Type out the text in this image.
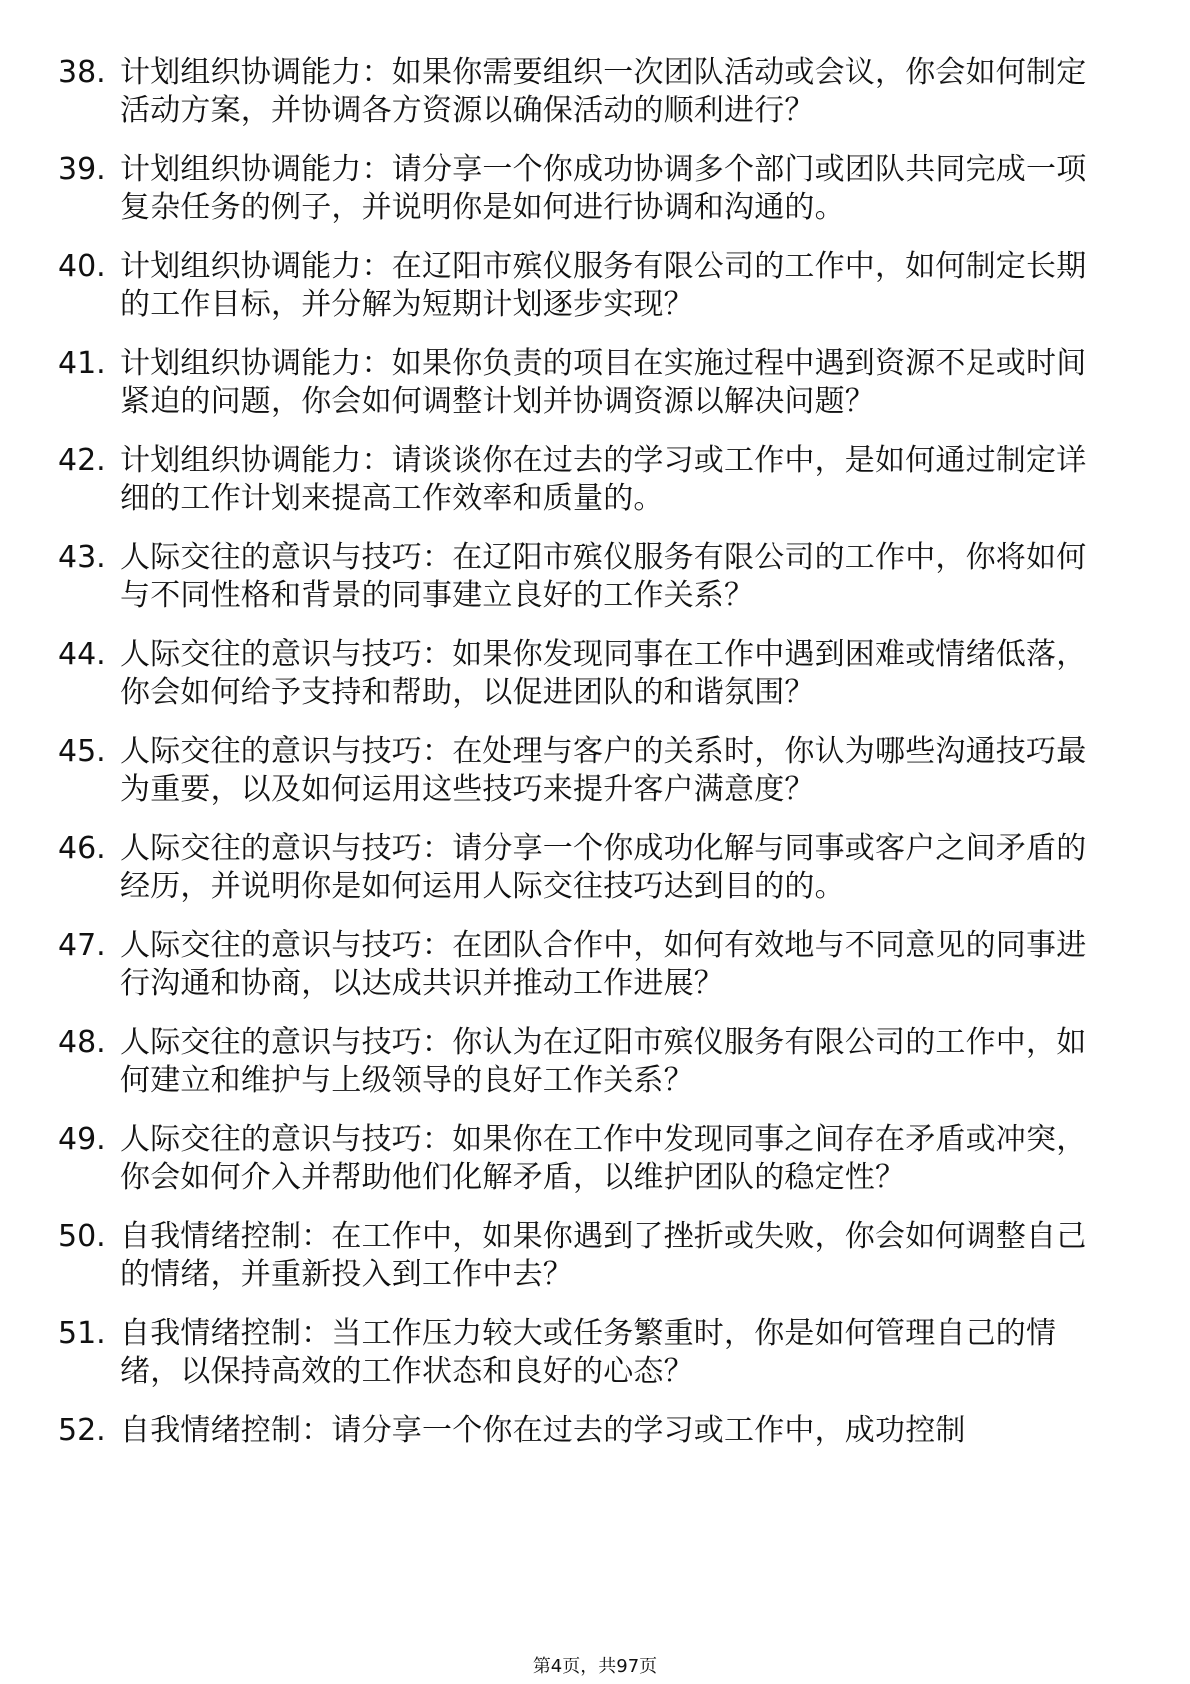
38. 计划组织协调能力：如果你需要组织一次团队活动或会议，你会如何制定活动方案，并协调各方资源以确保活动的顺利进行？
39. 计划组织协调能力：请分享一个你成功协调多个部门或团队共同完成一项复杂任务的例子，并说明你是如何进行协调和沟通的。
40. 计划组织协调能力：在辽阳市殡仪服务有限公司的工作中，如何制定长期的工作目标，并分解为短期计划逐步实现？
41. 计划组织协调能力：如果你负责的项目在实施过程中遇到资源不足或时间紧迫的问题，你会如何调整计划并协调资源以解决问题？
42. 计划组织协调能力：请谈谈你在过去的学习或工作中，是如何通过制定详细的工作计划来提高工作效率和质量的。
43. 人际交往的意识与技巧：在辽阳市殡仪服务有限公司的工作中，你将如何与不同性格和背景的同事建立良好的工作关系？
44. 人际交往的意识与技巧：如果你发现同事在工作中遇到困难或情绪低落，你会如何给予支持和帮助，以促进团队的和谐氛围？
45. 人际交往的意识与技巧：在处理与客户的关系时，你认为哪些沟通技巧最为重要，以及如何运用这些技巧来提升客户满意度？
46. 人际交往的意识与技巧：请分享一个你成功化解与同事或客户之间矛盾的经历，并说明你是如何运用人际交往技巧达到目的的。
47. 人际交往的意识与技巧：在团队合作中，如何有效地与不同意见的同事进行沟通和协商，以达成共识并推动工作进展？
48. 人际交往的意识与技巧：你认为在辽阳市殡仪服务有限公司的工作中，如何建立和维护与上级领导的良好工作关系？
49. 人际交往的意识与技巧：如果你在工作中发现同事之间存在矛盾或冲突，你会如何介入并帮助他们化解矛盾，以维护团队的稳定性？
50. 自我情绪控制：在工作中，如果你遇到了挫折或失败，你会如何调整自己的情绪，并重新投入到工作中去？
51. 自我情绪控制：当工作压力较大或任务繁重时，你是如何管理自己的情绪，以保持高效的工作状态和良好的心态？
52. 自我情绪控制：请分享一个你在过去的学习或工作中，成功控制
第4页，共97页
